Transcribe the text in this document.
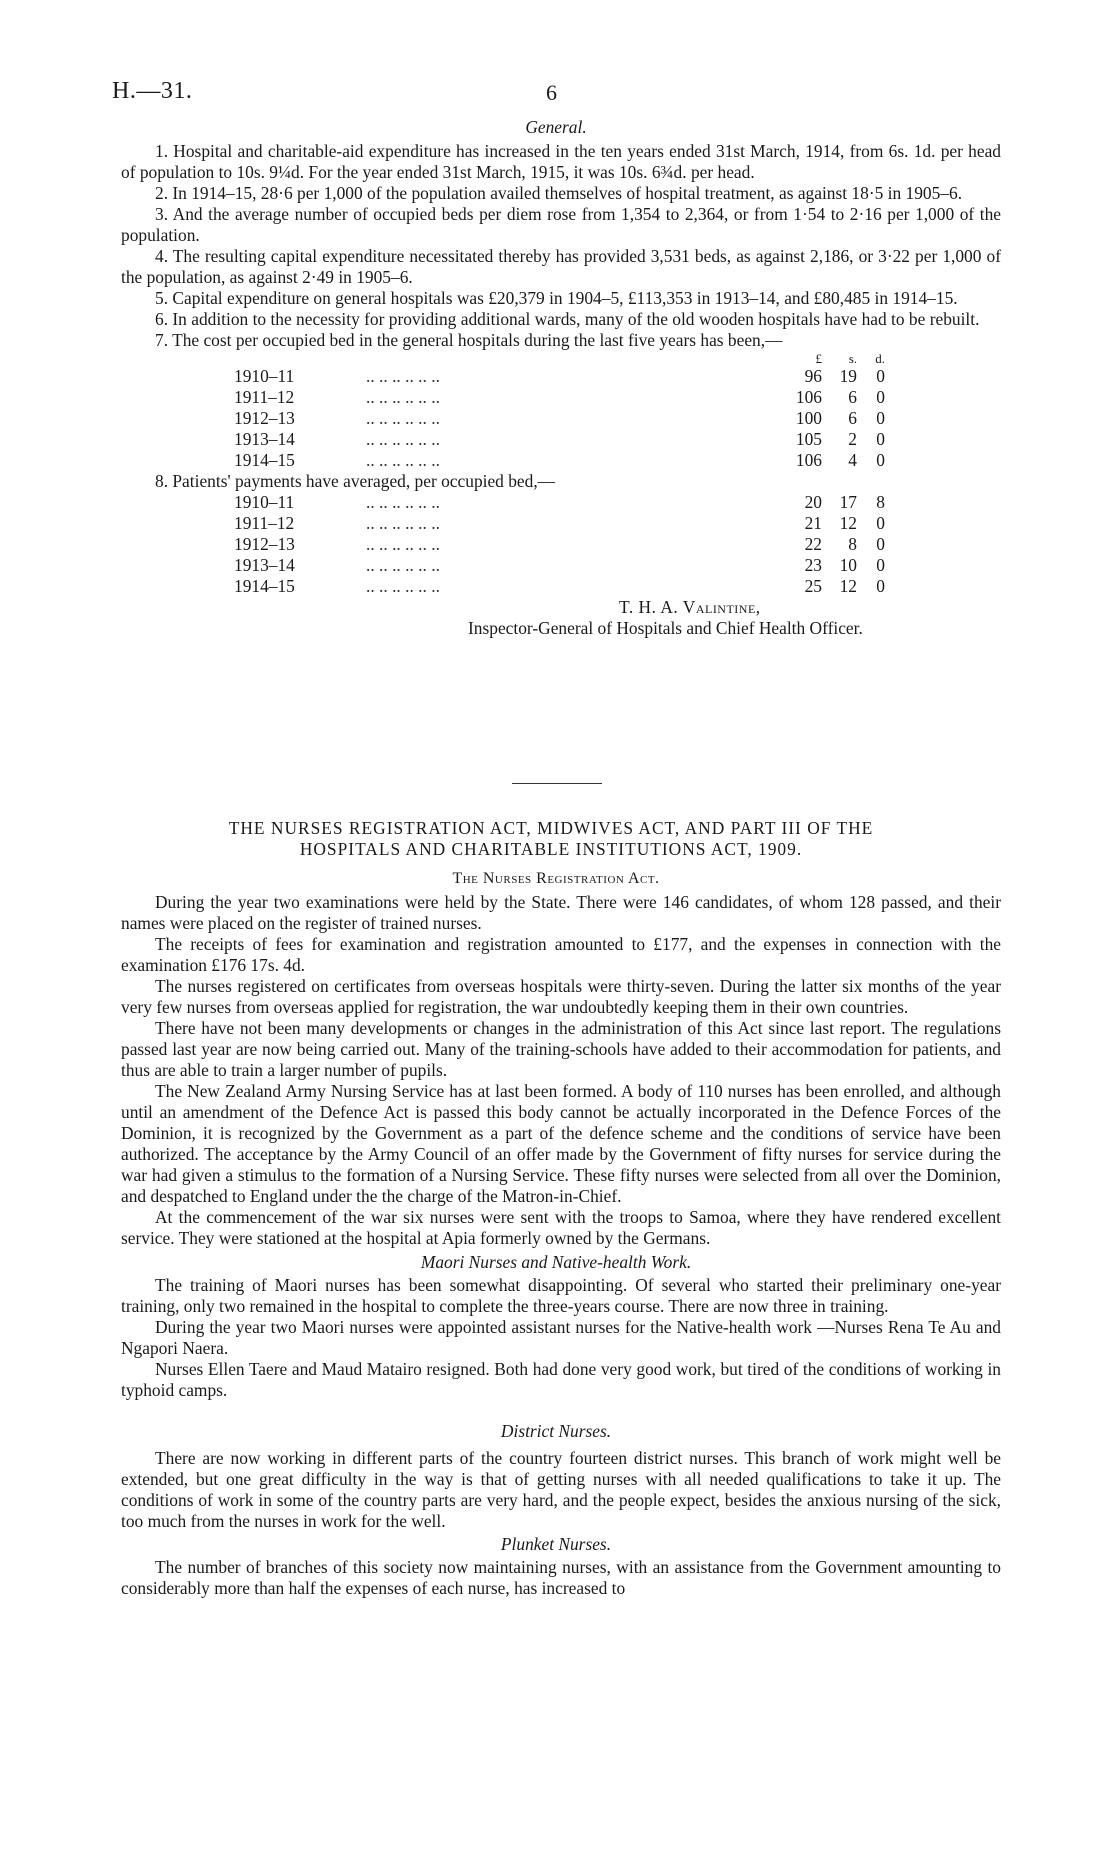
H.—31.	6
General.

1. Hospital and charitable-aid expenditure has increased in the ten years ended 31st March, 1914, from 6s. 1d. per head of population to 10s. 9¼d. For the year ended 31st March, 1915, it was 10s. 6¾d. per head.

2. In 1914–15, 28·6 per 1,000 of the population availed themselves of hospital treatment, as against 18·5 in 1905–6.

3. And the average number of occupied beds per diem rose from 1,354 to 2,364, or from 1·54 to 2·16 per 1,000 of the population.

4. The resulting capital expenditure necessitated thereby has provided 3,531 beds, as against 2,186, or 3·22 per 1,000 of the population, as against 2·49 in 1905–6.

5. Capital expenditure on general hospitals was £20,379 in 1904–5, £113,353 in 1913–14, and £80,485 in 1914–15.

6. In addition to the necessity for providing additional wards, many of the old wooden hospitals have had to be rebuilt.

7. The cost per occupied bed in the general hospitals during the last five years has been,—

£	s.	d.
1910–11	.. .. .. .. .. ..	96	19	0
1911–12	.. .. .. .. .. ..	106	6	0
1912–13	.. .. .. .. .. ..	100	6	0
1913–14	.. .. .. .. .. ..	105	2	0
1914–15	.. .. .. .. .. ..	106	4	0

8. Patients' payments have averaged, per occupied bed,—

1910–11	.. .. .. .. .. ..	20	17	8
1911–12	.. .. .. .. .. ..	21	12	0
1912–13	.. .. .. .. .. ..	22	8	0
1913–14	.. .. .. .. .. ..	23	10	0
1914–15	.. .. .. .. .. ..	25	12	0
T. H. A. Valintine,
Inspector-General of Hospitals and Chief Health Officer.
THE NURSES REGISTRATION ACT, MIDWIVES ACT, AND PART III OF THE
HOSPITALS AND CHARITABLE INSTITUTIONS ACT, 1909.
The Nurses Registration Act.

During the year two examinations were held by the State. There were 146 candidates, of whom 128 passed, and their names were placed on the register of trained nurses.

The receipts of fees for examination and registration amounted to £177, and the expenses in connection with the examination £176 17s. 4d.

The nurses registered on certificates from overseas hospitals were thirty-seven. During the latter six months of the year very few nurses from overseas applied for registration, the war undoubtedly keeping them in their own countries.

There have not been many developments or changes in the administration of this Act since last report. The regulations passed last year are now being carried out. Many of the training-schools have added to their accommodation for patients, and thus are able to train a larger number of pupils.

The New Zealand Army Nursing Service has at last been formed. A body of 110 nurses has been enrolled, and although until an amendment of the Defence Act is passed this body cannot be actually incorporated in the Defence Forces of the Dominion, it is recognized by the Government as a part of the defence scheme and the conditions of service have been authorized. The acceptance by the Army Council of an offer made by the Government of fifty nurses for service during the war had given a stimulus to the formation of a Nursing Service. These fifty nurses were selected from all over the Dominion, and despatched to England under the the charge of the Matron-in-Chief.

At the commencement of the war six nurses were sent with the troops to Samoa, where they have rendered excellent service. They were stationed at the hospital at Apia formerly owned by the Germans.

Maori Nurses and Native-health Work.

The training of Maori nurses has been somewhat disappointing. Of several who started their preliminary one-year training, only two remained in the hospital to complete the three-years course. There are now three in training.

During the year two Maori nurses were appointed assistant nurses for the Native-health work —Nurses Rena Te Au and Ngapori Naera.

Nurses Ellen Taere and Maud Matairo resigned. Both had done very good work, but tired of the conditions of working in typhoid camps.

District Nurses.

There are now working in different parts of the country fourteen district nurses. This branch of work might well be extended, but one great difficulty in the way is that of getting nurses with all needed qualifications to take it up. The conditions of work in some of the country parts are very hard, and the people expect, besides the anxious nursing of the sick, too much from the nurses in work for the well.

Plunket Nurses.

The number of branches of this society now maintaining nurses, with an assistance from the Government amounting to considerably more than half the expenses of each nurse, has increased to
